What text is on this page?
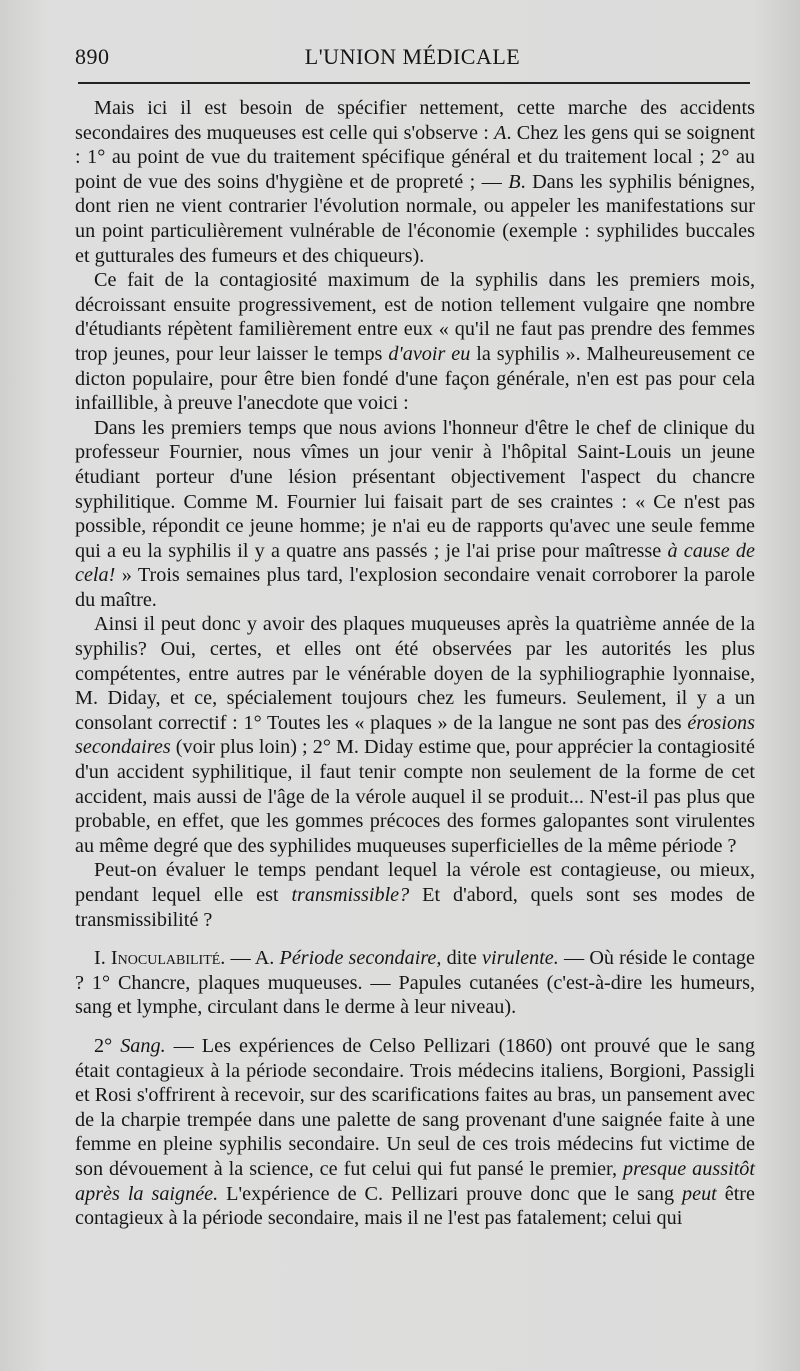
890	L'UNION MÉDICALE

Mais ici il est besoin de spécifier nettement, cette marche des accidents secondaires des muqueuses est celle qui s'observe : A. Chez les gens qui se soignent : 1° au point de vue du traitement spécifique général et du traitement local ; 2° au point de vue des soins d'hygiène et de propreté ; — B. Dans les syphilis bénignes, dont rien ne vient contrarier l'évolution normale, ou appeler les manifestations sur un point particulièrement vulnérable de l'économie (exemple : syphilides buccales et gutturales des fumeurs et des chiqueurs).

Ce fait de la contagiosité maximum de la syphilis dans les premiers mois, décroissant ensuite progressivement, est de notion tellement vulgaire qne nombre d'étudiants répètent familièrement entre eux « qu'il ne faut pas prendre des femmes trop jeunes, pour leur laisser le temps d'avoir eu la syphilis ». Malheureusement ce dicton populaire, pour être bien fondé d'une façon générale, n'en est pas pour cela infaillible, à preuve l'anecdote que voici :

Dans les premiers temps que nous avions l'honneur d'être le chef de clinique du professeur Fournier, nous vîmes un jour venir à l'hôpital Saint-Louis un jeune étudiant porteur d'une lésion présentant objectivement l'aspect du chancre syphilitique. Comme M. Fournier lui faisait part de ses craintes : « Ce n'est pas possible, répondit ce jeune homme; je n'ai eu de rapports qu'avec une seule femme qui a eu la syphilis il y a quatre ans passés ; je l'ai prise pour maîtresse à cause de cela! » Trois semaines plus tard, l'explosion secondaire venait corroborer la parole du maître.

Ainsi il peut donc y avoir des plaques muqueuses après la quatrième année de la syphilis? Oui, certes, et elles ont été observées par les autorités les plus compétentes, entre autres par le vénérable doyen de la syphiliographie lyonnaise, M. Diday, et ce, spécialement toujours chez les fumeurs. Seulement, il y a un consolant correctif : 1° Toutes les « plaques » de la langue ne sont pas des érosions secondaires (voir plus loin) ; 2° M. Diday estime que, pour apprécier la contagiosité d'un accident syphilitique, il faut tenir compte non seulement de la forme de cet accident, mais aussi de l'âge de la vérole auquel il se produit... N'est-il pas plus que probable, en effet, que les gommes précoces des formes galopantes sont virulentes au même degré que des syphilides muqueuses superficielles de la même période ?

Peut-on évaluer le temps pendant lequel la vérole est contagieuse, ou mieux, pendant lequel elle est transmissible? Et d'abord, quels sont ses modes de transmissibilité ?

I. Inoculabilité. — A. Période secondaire, dite virulente. — Où réside le contage ? 1° Chancre, plaques muqueuses. — Papules cutanées (c'est-à-dire les humeurs, sang et lymphe, circulant dans le derme à leur niveau).

2° Sang. — Les expériences de Celso Pellizari (1860) ont prouvé que le sang était contagieux à la période secondaire. Trois médecins italiens, Borgioni, Passigli et Rosi s'offrirent à recevoir, sur des scarifications faites au bras, un pansement avec de la charpie trempée dans une palette de sang provenant d'une saignée faite à une femme en pleine syphilis secondaire. Un seul de ces trois médecins fut victime de son dévouement à la science, ce fut celui qui fut pansé le premier, presque aussitôt après la saignée. L'expérience de C. Pellizari prouve donc que le sang peut être contagieux à la période secondaire, mais il ne l'est pas fatalement; celui qui
